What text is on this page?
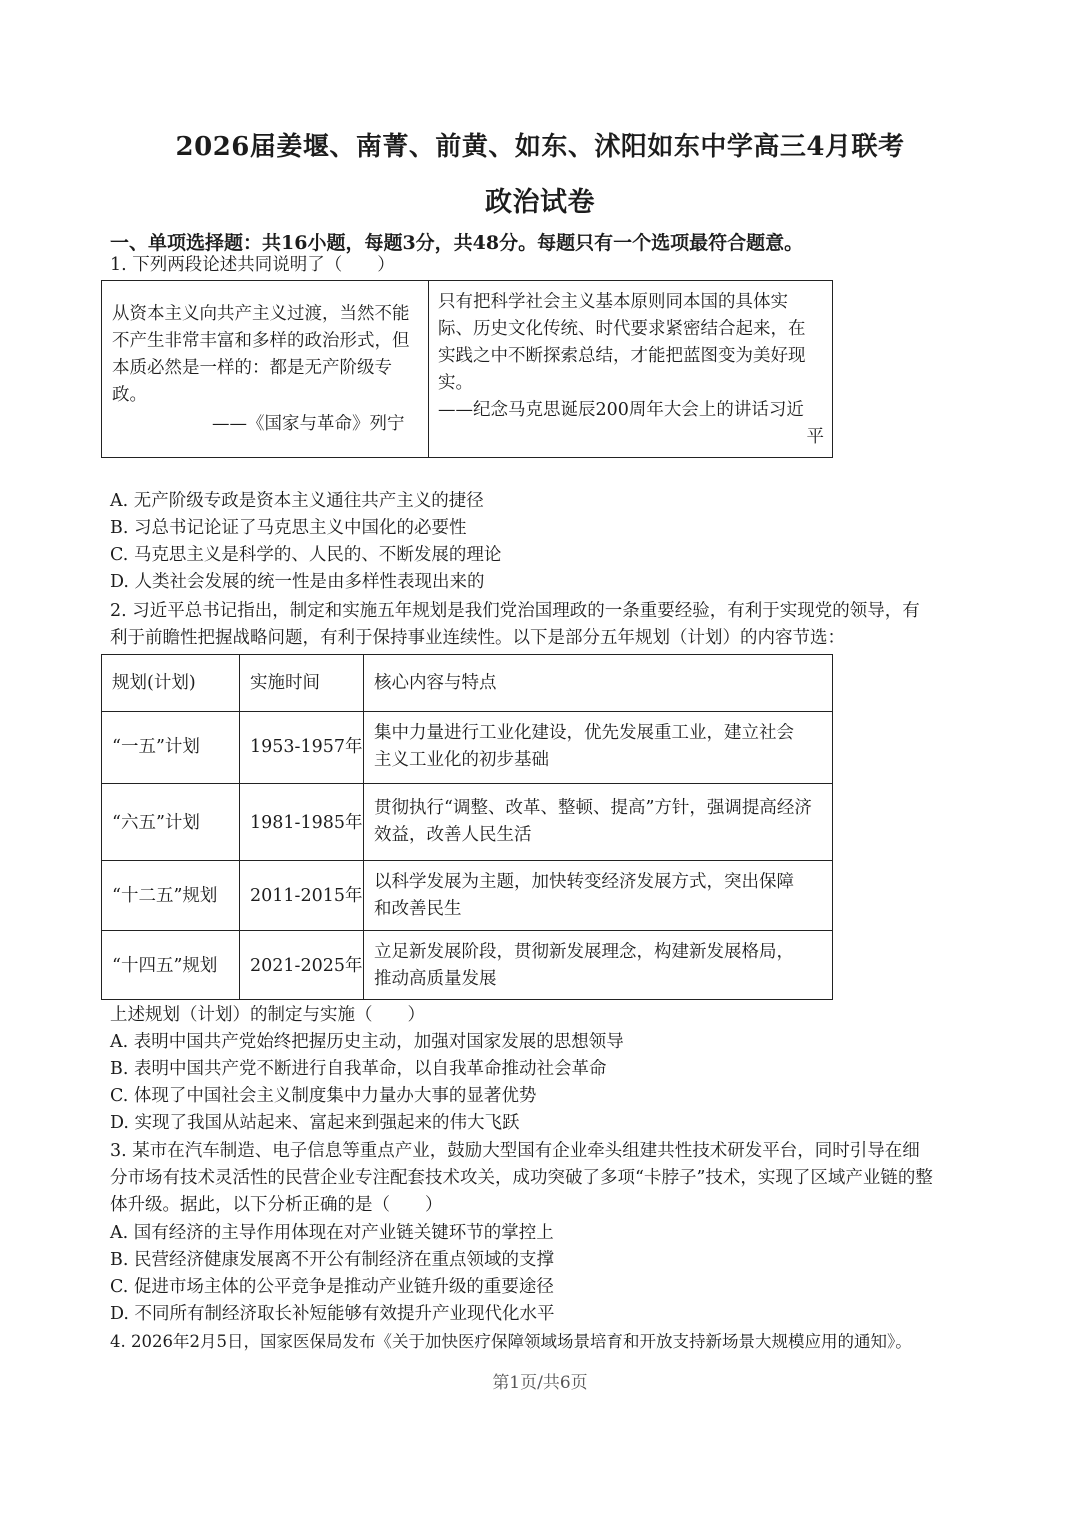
2026届姜堰、南菁、前黄、如东、沭阳如东中学高三4月联考
政治试卷
一、单项选择题：共16小题，每题3分，共48分。每题只有一个选项最符合题意。
1. 下列两段论述共同说明了（　　）
从资本主义向共产主义过渡，当然不能
不产生非常丰富和多样的政治形式，但
本质必然是一样的：都是无产阶级专
政。
——《国家与革命》列宁
只有把科学社会主义基本原则同本国的具体实
际、历史文化传统、时代要求紧密结合起来，在
实践之中不断探索总结，才能把蓝图变为美好现
实。
——纪念马克思诞辰200周年大会上的讲话习近
平
A. 无产阶级专政是资本主义通往共产主义的捷径
B. 习总书记论证了马克思主义中国化的必要性
C. 马克思主义是科学的、人民的、不断发展的理论
D. 人类社会发展的统一性是由多样性表现出来的
2. 习近平总书记指出，制定和实施五年规划是我们党治国理政的一条重要经验，有利于实现党的领导，有
利于前瞻性把握战略问题，有利于保持事业连续性。以下是部分五年规划（计划）的内容节选：
规划(计划)	实施时间	核心内容与特点
“一五”计划	1953-1957年
集中力量进行工业化建设，优先发展重工业，建立社会
主义工业化的初步基础
“六五”计划	1981-1985年
贯彻执行“调整、改革、整顿、提高”方针，强调提高经济
效益，改善人民生活
“十二五”规划 2011-2015年
以科学发展为主题，加快转变经济发展方式，突出保障
和改善民生
“十四五”规划 2021-2025年
立足新发展阶段，贯彻新发展理念，构建新发展格局，
推动高质量发展
上述规划（计划）的制定与实施（　　）
A. 表明中国共产党始终把握历史主动，加强对国家发展的思想领导
B. 表明中国共产党不断进行自我革命，以自我革命推动社会革命
C. 体现了中国社会主义制度集中力量办大事的显著优势
D. 实现了我国从站起来、富起来到强起来的伟大飞跃
3. 某市在汽车制造、电子信息等重点产业，鼓励大型国有企业牵头组建共性技术研发平台，同时引导在细
分市场有技术灵活性的民营企业专注配套技术攻关，成功突破了多项“卡脖子”技术，实现了区域产业链的整
体升级。据此，以下分析正确的是（　　）
A. 国有经济的主导作用体现在对产业链关键环节的掌控上
B. 民营经济健康发展离不开公有制经济在重点领域的支撑
C. 促进市场主体的公平竞争是推动产业链升级的重要途径
D. 不同所有制经济取长补短能够有效提升产业现代化水平
4. 2026年2月5日，国家医保局发布《关于加快医疗保障领域场景培育和开放支持新场景大规模应用的通知》。
第1页/共6页
